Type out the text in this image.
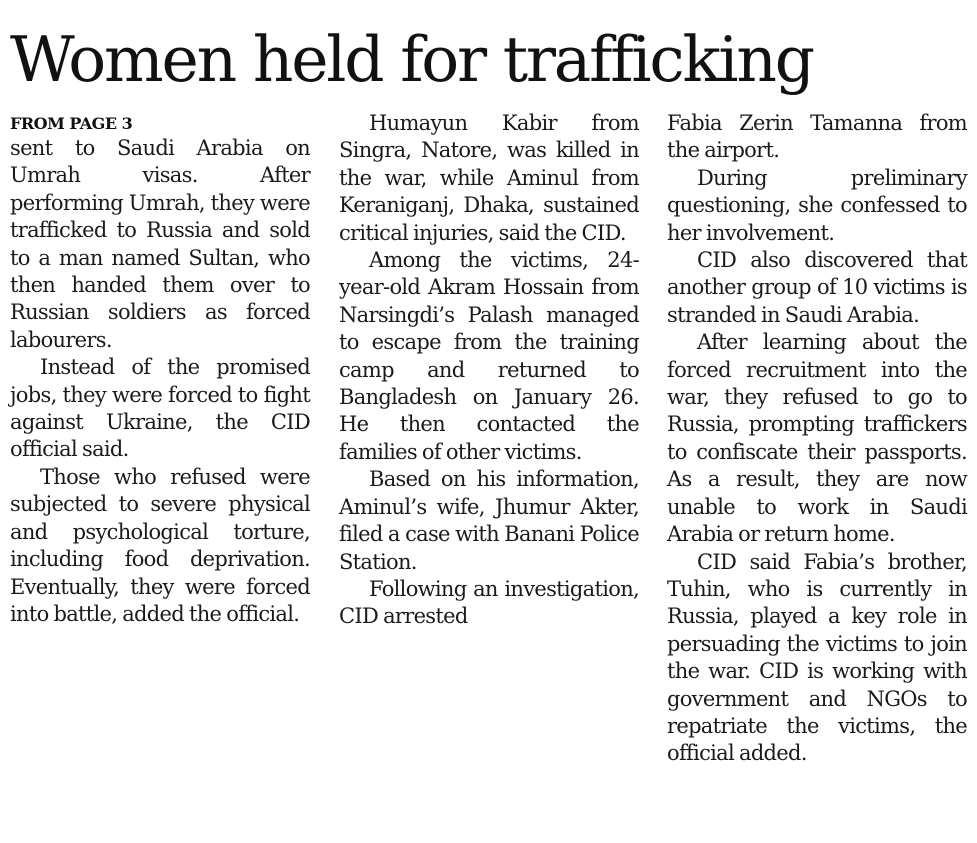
Women held for trafficking
FROM PAGE 3

sent to Saudi Arabia on Umrah visas. After performing Umrah, they were trafficked to Russia and sold to a man named Sultan, who then handed them over to Russian soldiers as forced labourers.

Instead of the promised jobs, they were forced to fight against Ukraine, the CID official said.

Those who refused were subjected to severe physical and psychological torture, including food deprivation. Eventually, they were forced into battle, added the official.

Humayun Kabir from Singra, Natore, was killed in the war, while Aminul from Keraniganj, Dhaka, sustained critical injuries, said the CID.

Among the victims, 24-year-old Akram Hossain from Narsingdi’s Palash managed to escape from the training camp and returned to Bangladesh on January 26. He then contacted the families of other victims.

Based on his information, Aminul’s wife, Jhumur Akter, filed a case with Banani Police Station.

Following an investigation, CID arrested

Fabia Zerin Tamanna from the airport.

During preliminary questioning, she confessed to her involvement.

CID also discovered that another group of 10 victims is stranded in Saudi Arabia.

After learning about the forced recruitment into the war, they refused to go to Russia, prompting traffickers to confiscate their passports. As a result, they are now unable to work in Saudi Arabia or return home.

CID said Fabia’s brother, Tuhin, who is currently in Russia, played a key role in persuading the victims to join the war. CID is working with government and NGOs to repatriate the victims, the official added.
